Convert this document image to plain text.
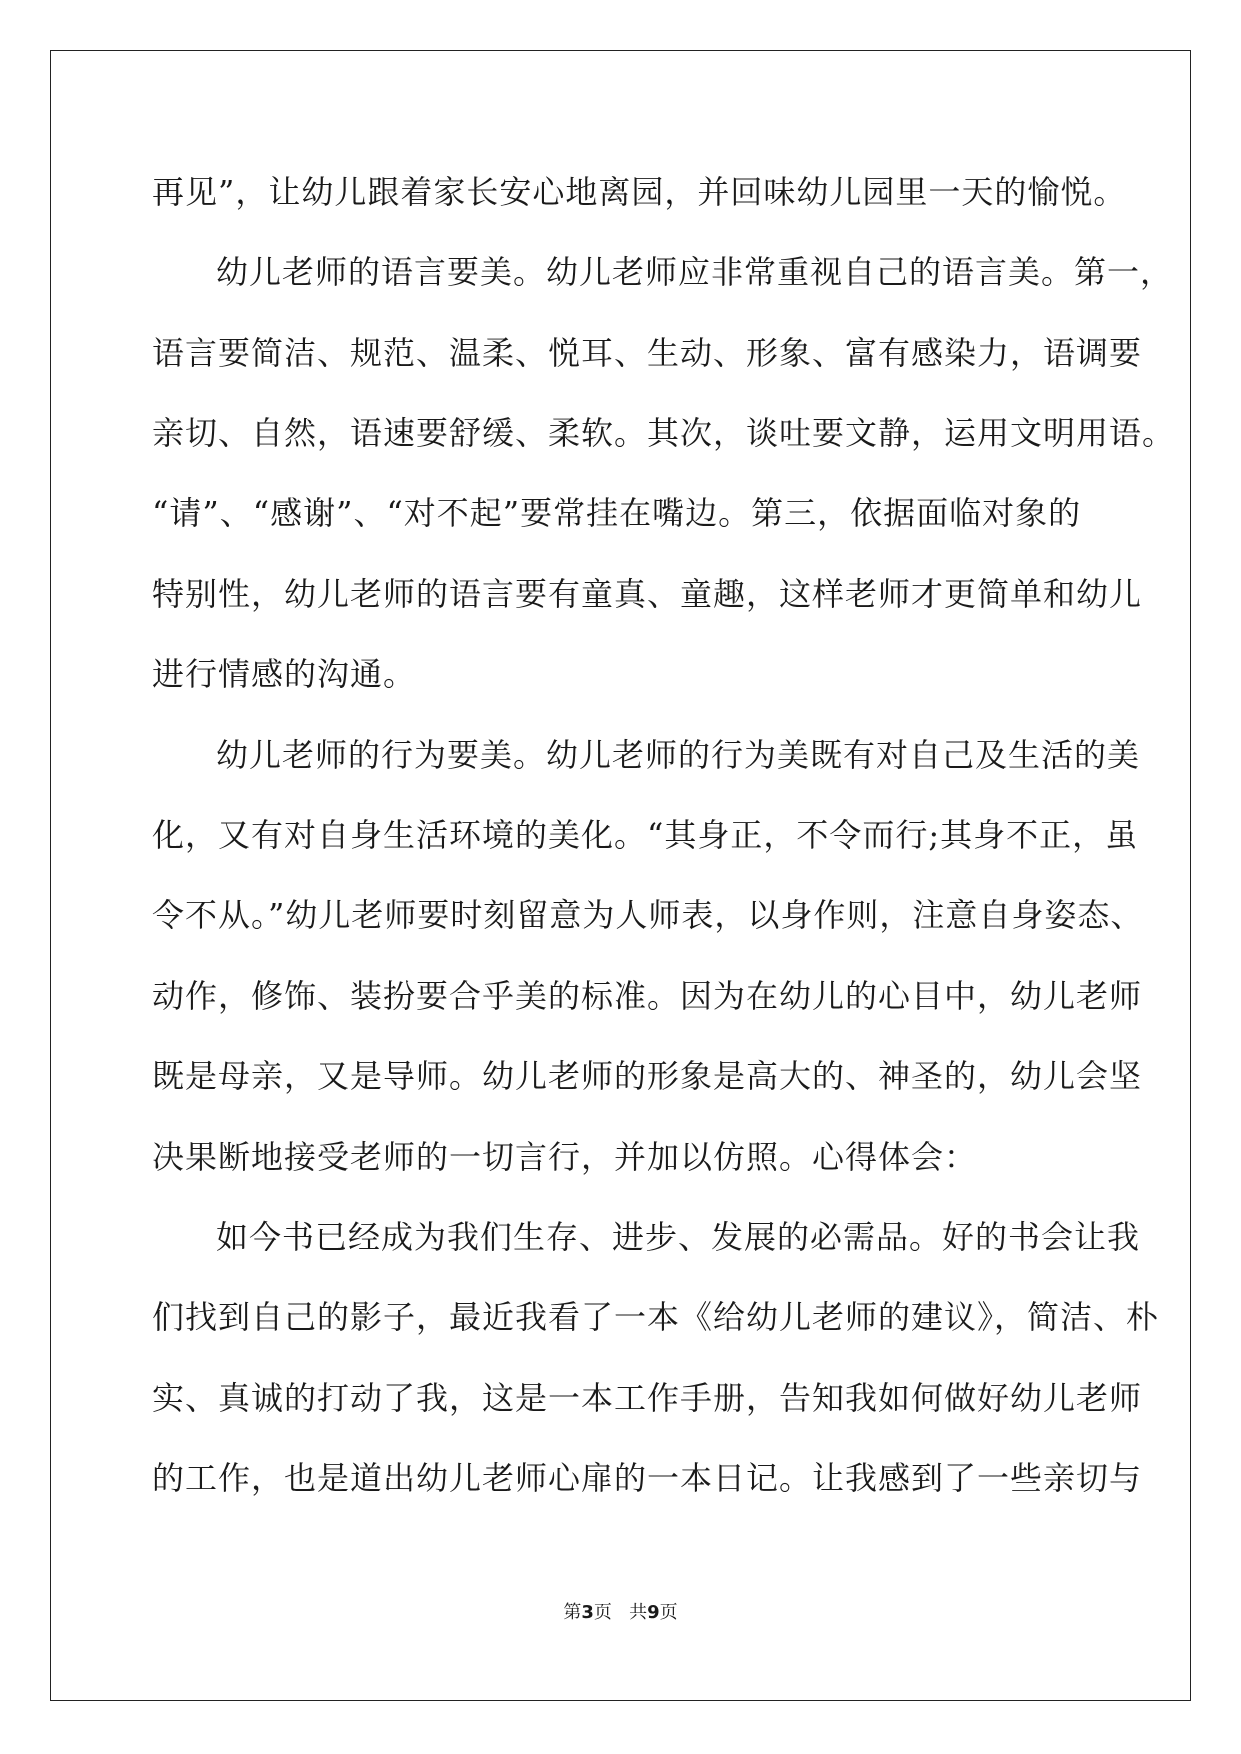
再见”，让幼儿跟着家长安心地离园，并回味幼儿园里一天的愉悦。
幼儿老师的语言要美。幼儿老师应非常重视自己的语言美。第一，
语言要简洁、规范、温柔、悦耳、生动、形象、富有感染力，语调要
亲切、自然，语速要舒缓、柔软。其次，谈吐要文静，运用文明用语。
“请”、“感谢”、“对不起”要常挂在嘴边。第三，依据面临对象的
特别性，幼儿老师的语言要有童真、童趣，这样老师才更简单和幼儿
进行情感的沟通。
幼儿老师的行为要美。幼儿老师的行为美既有对自己及生活的美
化，又有对自身生活环境的美化。“其身正，不令而行;其身不正，虽
令不从。”幼儿老师要时刻留意为人师表，以身作则，注意自身姿态、
动作，修饰、装扮要合乎美的标准。因为在幼儿的心目中，幼儿老师
既是母亲，又是导师。幼儿老师的形象是高大的、神圣的，幼儿会坚
决果断地接受老师的一切言行，并加以仿照。心得体会：
如今书已经成为我们生存、进步、发展的必需品。好的书会让我
们找到自己的影子，最近我看了一本《给幼儿老师的建议》，简洁、朴
实、真诚的打动了我，这是一本工作手册，告知我如何做好幼儿老师
的工作，也是道出幼儿老师心扉的一本日记。让我感到了一些亲切与
第3页 共9页
